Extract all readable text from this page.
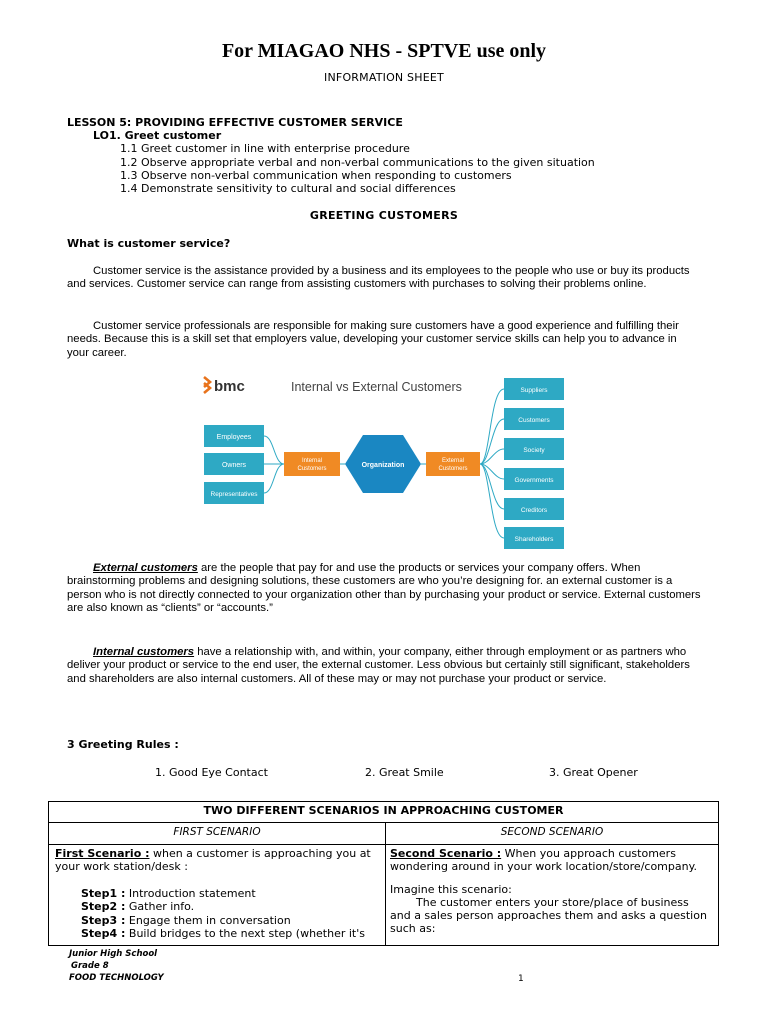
For MIAGAO NHS - SPTVE use only
INFORMATION SHEET
LESSON 5: PROVIDING EFFECTIVE CUSTOMER SERVICE
LO1. Greet customer
1.1 Greet customer in line with enterprise procedure
1.2 Observe appropriate verbal and non-verbal communications to the given situation
1.3 Observe non-verbal communication when responding to customers
1.4 Demonstrate sensitivity to cultural and social differences
GREETING CUSTOMERS
What is customer service?
Customer service is the assistance provided by a business and its employees to the people who use or buy its products and services. Customer service can range from assisting customers with purchases to solving their problems online.
Customer service professionals are responsible for making sure customers have a good experience and fulfilling their needs. Because this is a skill set that employers value, developing your customer service skills can help you to advance in your career.
bmc	Internal vs External Customers
Employees
Owners
Representatives
Internal
Customers	Organization
External
Customers
Suppliers
Customers
Society
Governments
Creditors
Shareholders
External customers are the people that pay for and use the products or services your company offers. When brainstorming problems and designing solutions, these customers are who you’re designing for. an external customer is a person who is not directly connected to your organization other than by purchasing your product or service. External customers are also known as “clients” or “accounts.”
Internal customers have a relationship with, and within, your company, either through employment or as partners who deliver your product or service to the end user, the external customer. Less obvious but certainly still significant, stakeholders and shareholders are also internal customers. All of these may or may not purchase your product or service.
3 Greeting Rules :
1. Good Eye Contact	2. Great Smile	3. Great Opener
TWO DIFFERENT SCENARIOS IN APPROACHING CUSTOMER
FIRST SCENARIO	SECOND SCENARIO
First Scenario : when a customer is approaching you at your work station/desk :
Step1 : Introduction statement
Step2 : Gather info.
Step3 : Engage them in conversation
Step4 : Build bridges to the next step (whether it's
Second Scenario : When you approach customers wondering around in your work location/store/company.
Imagine this scenario:
The customer enters your store/place of business and a sales person approaches them and asks a question such as:
Junior High School
Grade 8
FOOD TECHNOLOGY	1
